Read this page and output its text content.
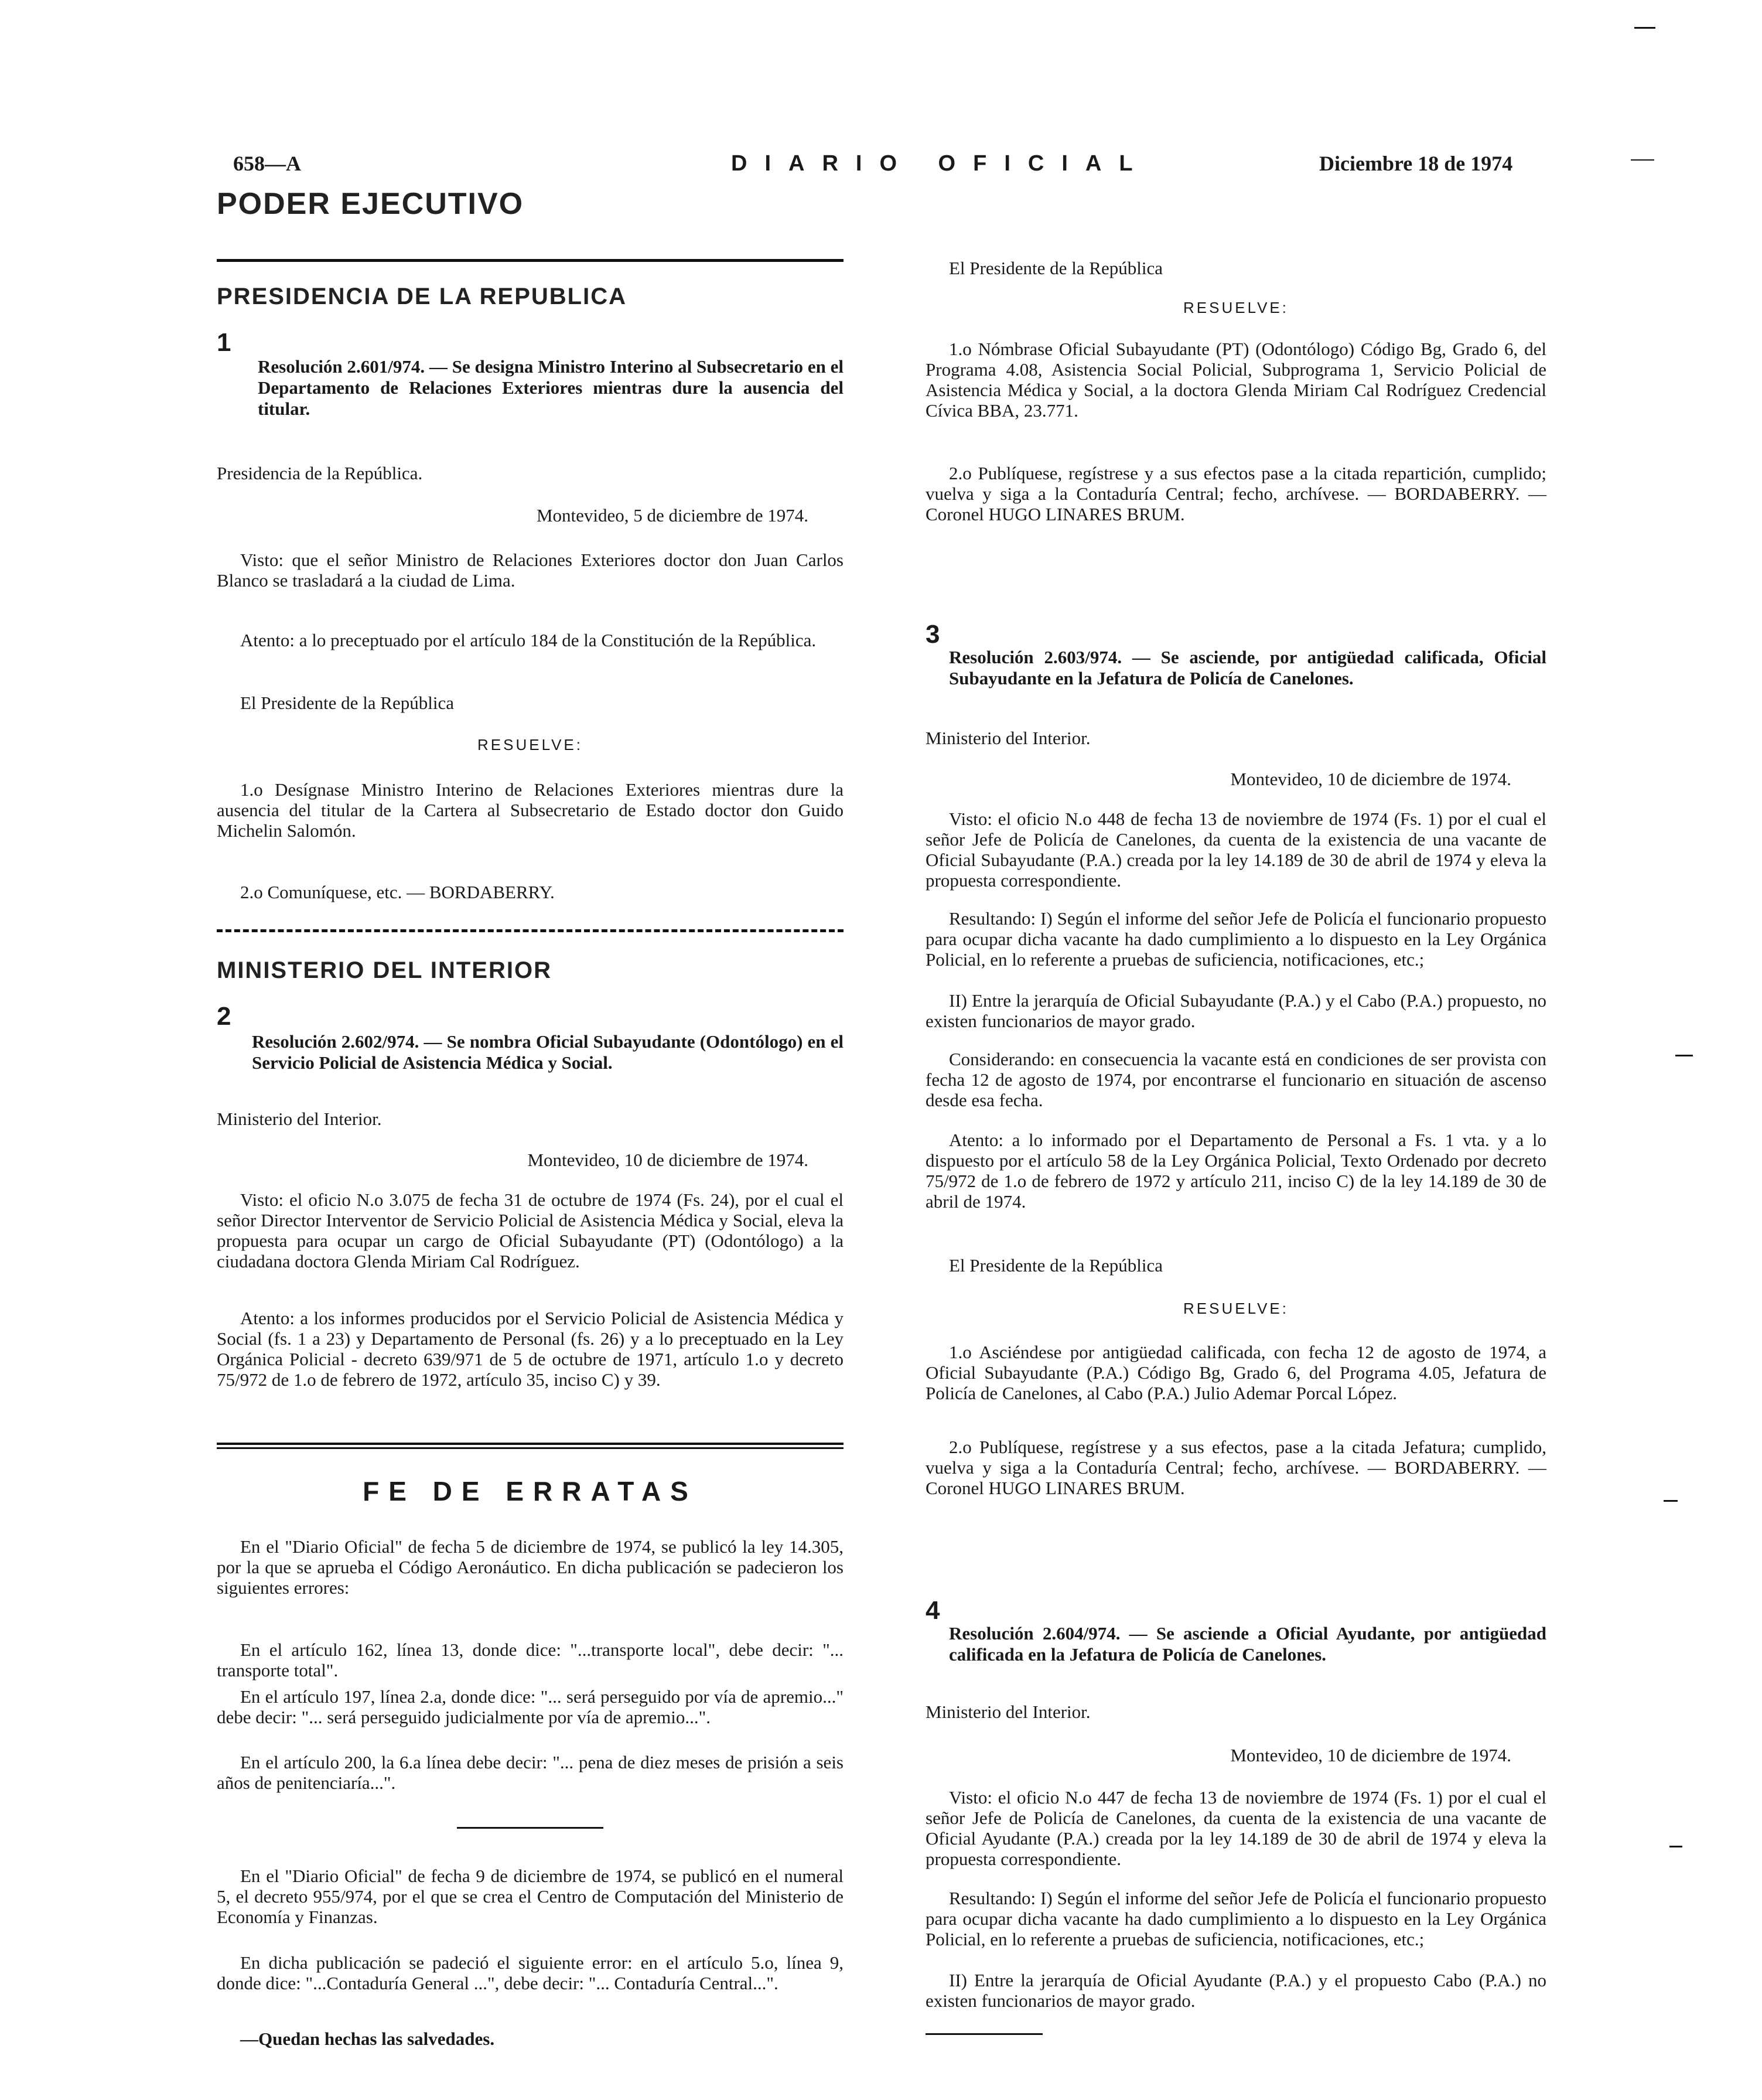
658—A	DIARIO OFICIAL	Diciembre 18 de 1974
PODER EJECUTIVO
PRESIDENCIA DE LA REPUBLICA
1

Resolución 2.601/974. — Se designa Ministro Interino al Subsecretario en el Departamento de Relaciones Exteriores mientras dure la ausencia del titular.

Presidencia de la República.

Montevideo, 5 de diciembre de 1974.

Visto: que el señor Ministro de Relaciones Exteriores doctor don Juan Carlos Blanco se trasladará a la ciudad de Lima.

Atento: a lo preceptuado por el artículo 184 de la Constitución de la República.

El Presidente de la República

RESUELVE:

1.o Desígnase Ministro Interino de Relaciones Exteriores mientras dure la ausencia del titular de la Cartera al Subsecretario de Estado doctor don Guido Michelin Salomón.

2.o Comuníquese, etc. — BORDABERRY.

MINISTERIO DEL INTERIOR
2

Resolución 2.602/974. — Se nombra Oficial Subayudante (Odontólogo) en el Servicio Policial de Asistencia Médica y Social.

Ministerio del Interior.

Montevideo, 10 de diciembre de 1974.

Visto: el oficio N.o 3.075 de fecha 31 de octubre de 1974 (Fs. 24), por el cual el señor Director Interventor de Servicio Policial de Asistencia Médica y Social, eleva la propuesta para ocupar un cargo de Oficial Subayudante (PT) (Odontólogo) a la ciudadana doctora Glenda Miriam Cal Rodríguez.

Atento: a los informes producidos por el Servicio Policial de Asistencia Médica y Social (fs. 1 a 23) y Departamento de Personal (fs. 26) y a lo preceptuado en la Ley Orgánica Policial - decreto 639/971 de 5 de octubre de 1971, artículo 1.o y decreto 75/972 de 1.o de febrero de 1972, artículo 35, inciso C) y 39.

FE DE ERRATAS

En el "Diario Oficial" de fecha 5 de diciembre de 1974, se publicó la ley 14.305, por la que se aprueba el Código Aeronáutico. En dicha publicación se padecieron los siguientes errores:

En el artículo 162, línea 13, donde dice: "...transporte local", debe decir: "... transporte total".

En el artículo 197, línea 2.a, donde dice: "... será perseguido por vía de apremio..." debe decir: "... será perseguido judicialmente por vía de apremio...".

En el artículo 200, la 6.a línea debe decir: "... pena de diez meses de prisión a seis años de penitenciaría...".

En el "Diario Oficial" de fecha 9 de diciembre de 1974, se publicó en el numeral 5, el decreto 955/974, por el que se crea el Centro de Computación del Ministerio de Economía y Finanzas.

En dicha publicación se padeció el siguiente error: en el artículo 5.o, línea 9, donde dice: "...Contaduría General ...", debe decir: "... Contaduría Central...".

—Quedan hechas las salvedades.

El Presidente de la República

RESUELVE:

1.o Nómbrase Oficial Subayudante (PT) (Odontólogo) Código Bg, Grado 6, del Programa 4.08, Asistencia Social Policial, Subprograma 1, Servicio Policial de Asistencia Médica y Social, a la doctora Glenda Miriam Cal Rodríguez Credencial Cívica BBA, 23.771.

2.o Publíquese, regístrese y a sus efectos pase a la citada repartición, cumplido; vuelva y siga a la Contaduría Central; fecho, archívese. — BORDABERRY. — Coronel HUGO LINARES BRUM.

3

Resolución 2.603/974. — Se asciende, por antigüedad calificada, Oficial Subayudante en la Jefatura de Policía de Canelones.

Ministerio del Interior.

Montevideo, 10 de diciembre de 1974.

Visto: el oficio N.o 448 de fecha 13 de noviembre de 1974 (Fs. 1) por el cual el señor Jefe de Policía de Canelones, da cuenta de la existencia de una vacante de Oficial Subayudante (P.A.) creada por la ley 14.189 de 30 de abril de 1974 y eleva la propuesta correspondiente.

Resultando: I) Según el informe del señor Jefe de Policía el funcionario propuesto para ocupar dicha vacante ha dado cumplimiento a lo dispuesto en la Ley Orgánica Policial, en lo referente a pruebas de suficiencia, notificaciones, etc.;

II) Entre la jerarquía de Oficial Subayudante (P.A.) y el Cabo (P.A.) propuesto, no existen funcionarios de mayor grado.

Considerando: en consecuencia la vacante está en condiciones de ser provista con fecha 12 de agosto de 1974, por encontrarse el funcionario en situación de ascenso desde esa fecha.

Atento: a lo informado por el Departamento de Personal a Fs. 1 vta. y a lo dispuesto por el artículo 58 de la Ley Orgánica Policial, Texto Ordenado por decreto 75/972 de 1.o de febrero de 1972 y artículo 211, inciso C) de la ley 14.189 de 30 de abril de 1974.

El Presidente de la República

RESUELVE:

1.o Asciéndese por antigüedad calificada, con fecha 12 de agosto de 1974, a Oficial Subayudante (P.A.) Código Bg, Grado 6, del Programa 4.05, Jefatura de Policía de Canelones, al Cabo (P.A.) Julio Ademar Porcal López.

2.o Publíquese, regístrese y a sus efectos, pase a la citada Jefatura; cumplido, vuelva y siga a la Contaduría Central; fecho, archívese. — BORDABERRY. — Coronel HUGO LINARES BRUM.

4

Resolución 2.604/974. — Se asciende a Oficial Ayudante, por antigüedad calificada en la Jefatura de Policía de Canelones.

Ministerio del Interior.

Montevideo, 10 de diciembre de 1974.

Visto: el oficio N.o 447 de fecha 13 de noviembre de 1974 (Fs. 1) por el cual el señor Jefe de Policía de Canelones, da cuenta de la existencia de una vacante de Oficial Ayudante (P.A.) creada por la ley 14.189 de 30 de abril de 1974 y eleva la propuesta correspondiente.

Resultando: I) Según el informe del señor Jefe de Policía el funcionario propuesto para ocupar dicha vacante ha dado cumplimiento a lo dispuesto en la Ley Orgánica Policial, en lo referente a pruebas de suficiencia, notificaciones, etc.;

II) Entre la jerarquía de Oficial Ayudante (P.A.) y el propuesto Cabo (P.A.) no existen funcionarios de mayor grado.
